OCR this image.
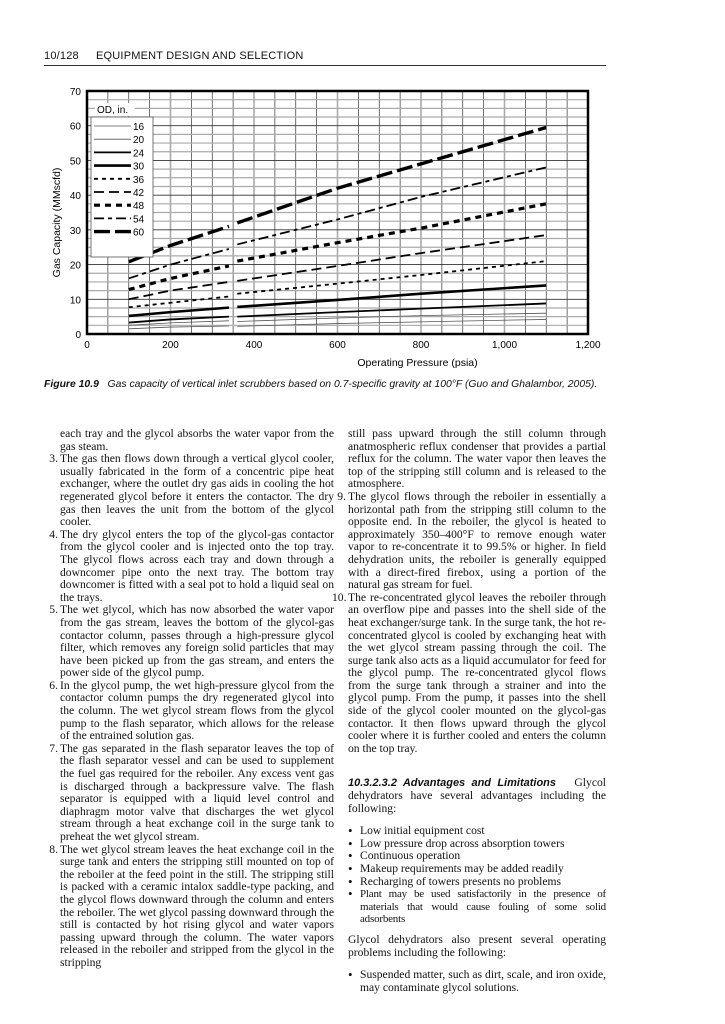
10/128 EQUIPMENT DESIGN AND SELECTION
0	200	400	600	800	1,000	1,200
0
10
20
30
40
50
60
70
Operating Pressure (psia)
Gas Capacity (MMscfd)
OD, in.
16
20
24
30
36
42
48
54
60
Figure 10.9 Gas capacity of vertical inlet scrubbers based on 0.7-specific gravity at 100°F (Guo and Ghalambor, 2005).

each tray and the glycol absorbs the water vapor from the gas steam.

3. The gas then flows down through a vertical glycol cooler, usually fabricated in the form of a concentric pipe heat exchanger, where the outlet dry gas aids in cooling the hot regenerated glycol before it enters the contactor. The dry gas then leaves the unit from the bottom of the glycol cooler.
4. The dry glycol enters the top of the glycol-gas contactor from the glycol cooler and is injected onto the top tray. The glycol flows across each tray and down through a downcomer pipe onto the next tray. The bottom tray downcomer is fitted with a seal pot to hold a liquid seal on the trays.
5. The wet glycol, which has now absorbed the water vapor from the gas stream, leaves the bottom of the glycol-gas contactor column, passes through a high-pressure glycol filter, which removes any foreign solid particles that may have been picked up from the gas stream, and enters the power side of the glycol pump.
6. In the glycol pump, the wet high-pressure glycol from the contactor column pumps the dry regenerated glycol into the column. The wet glycol stream flows from the glycol pump to the flash separator, which allows for the release of the entrained solution gas.
7. The gas separated in the flash separator leaves the top of the flash separator vessel and can be used to supplement the fuel gas required for the reboiler. Any excess vent gas is discharged through a backpressure valve. The flash separator is equipped with a liquid level control and diaphragm motor valve that discharges the wet glycol stream through a heat exchange coil in the surge tank to preheat the wet glycol stream.
8. The wet glycol stream leaves the heat exchange coil in the surge tank and enters the stripping still mounted on top of the reboiler at the feed point in the still. The stripping still is packed with a ceramic intalox saddle-type packing, and the glycol flows downward through the column and enters the reboiler. The wet glycol passing downward through the still is contacted by hot rising glycol and water vapors passing upward through the column. The water vapors released in the reboiler and stripped from the glycol in the stripping

still pass upward through the still column through anatmospheric reflux condenser that provides a partial reflux for the column. The water vapor then leaves the top of the stripping still column and is released to the atmosphere.

9. The glycol flows through the reboiler in essentially a horizontal path from the stripping still column to the opposite end. In the reboiler, the glycol is heated to approximately 350–400°F to remove enough water vapor to re-concentrate it to 99.5% or higher. In field dehydration units, the reboiler is generally equipped with a direct-fired firebox, using a portion of the natural gas stream for fuel.
10. The re-concentrated glycol leaves the reboiler through an overflow pipe and passes into the shell side of the heat exchanger/surge tank. In the surge tank, the hot re-concentrated glycol is cooled by exchanging heat with the wet glycol stream passing through the coil. The surge tank also acts as a liquid accumulator for feed for the glycol pump. The re-concentrated glycol flows from the surge tank through a strainer and into the glycol pump. From the pump, it passes into the shell side of the glycol cooler mounted on the glycol-gas contactor. It then flows upward through the glycol cooler where it is further cooled and enters the column on the top tray.

10.3.2.3.2 Advantages and Limitations Glycol dehydrators have several advantages including the following:

• Low initial equipment cost
• Low pressure drop across absorption towers
• Continuous operation
• Makeup requirements may be added readily
• Recharging of towers presents no problems
• Plant may be used satisfactorily in the presence of materials that would cause fouling of some solid adsorbents

Glycol dehydrators also present several operating problems including the following:

• Suspended matter, such as dirt, scale, and iron oxide, may contaminate glycol solutions.
